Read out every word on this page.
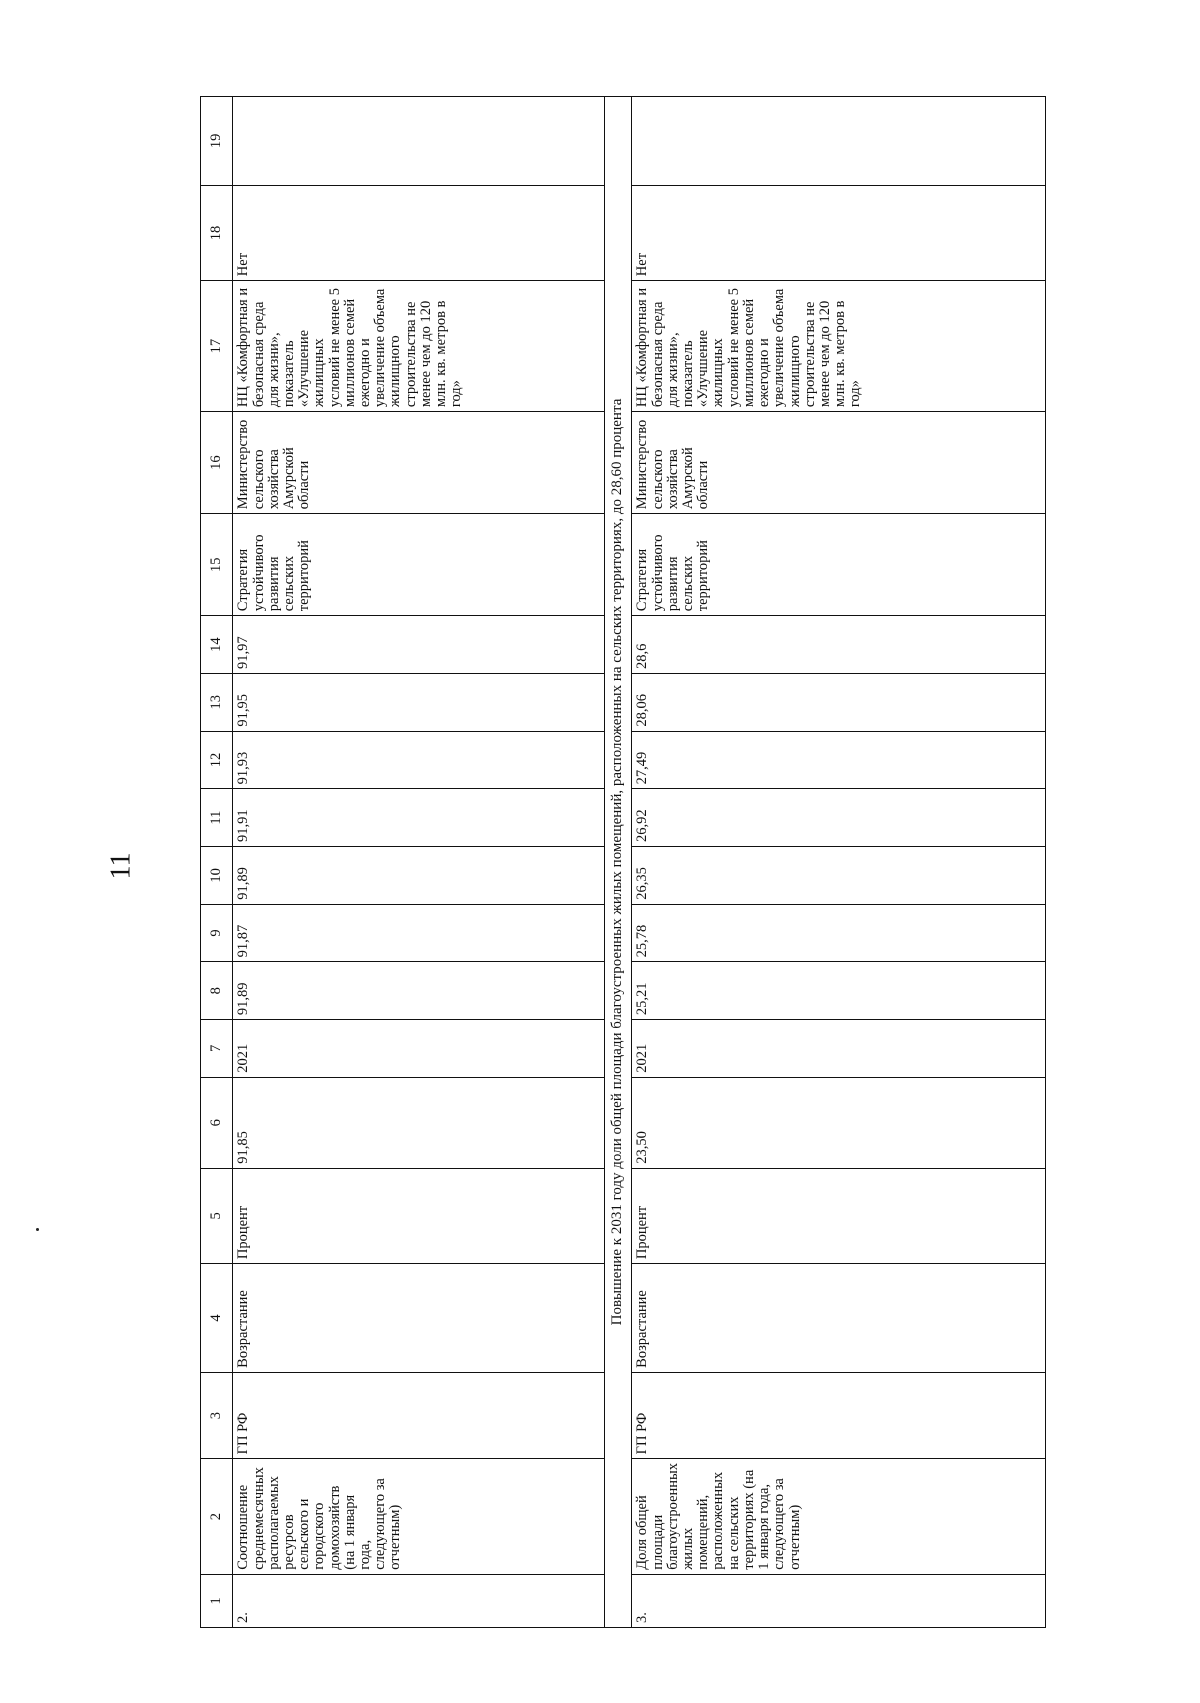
11
1	2	3	4	5	6	7	8	9	10	11	12	13	14	15	16	17	18	19
2.	Соотношение среднемесячных располагаемых ресурсов сельского и городского домохозяйств (на 1 января года, следующего за отчетным)	ГП РФ	Возрастание	Процент	91,85	2021	91,89	91,87	91,89	91,91	91,93	91,95	91,97	Стратегия устойчивого развития сельских территорий	Министерство сельского хозяйства Амурской области	НЦ «Комфортная и безопасная среда для жизни», показатель «Улучшение жилищных условий не менее 5 миллионов семей ежегодно и увеличение объема жилищного строительства не менее чем до 120 млн. кв. метров в год»	Нет	
Повышение к 2031 году доли общей площади благоустроенных жилых помещений, расположенных на сельских территориях, до 28,60 процента																		
3.	Доля общей площади благоустроенных жилых помещений, расположенных на сельских территориях (на 1 января года, следующего за отчетным)	ГП РФ	Возрастание	Процент	23,50	2021	25,21	25,78	26,35	26,92	27,49	28,06	28,6	Стратегия устойчивого развития сельских территорий	Министерство сельского хозяйства Амурской области	НЦ «Комфортная и безопасная среда для жизни», показатель «Улучшение жилищных условий не менее 5 миллионов семей ежегодно и увеличение объема жилищного строительства не менее чем до 120 млн. кв. метров в год»	Нет	
